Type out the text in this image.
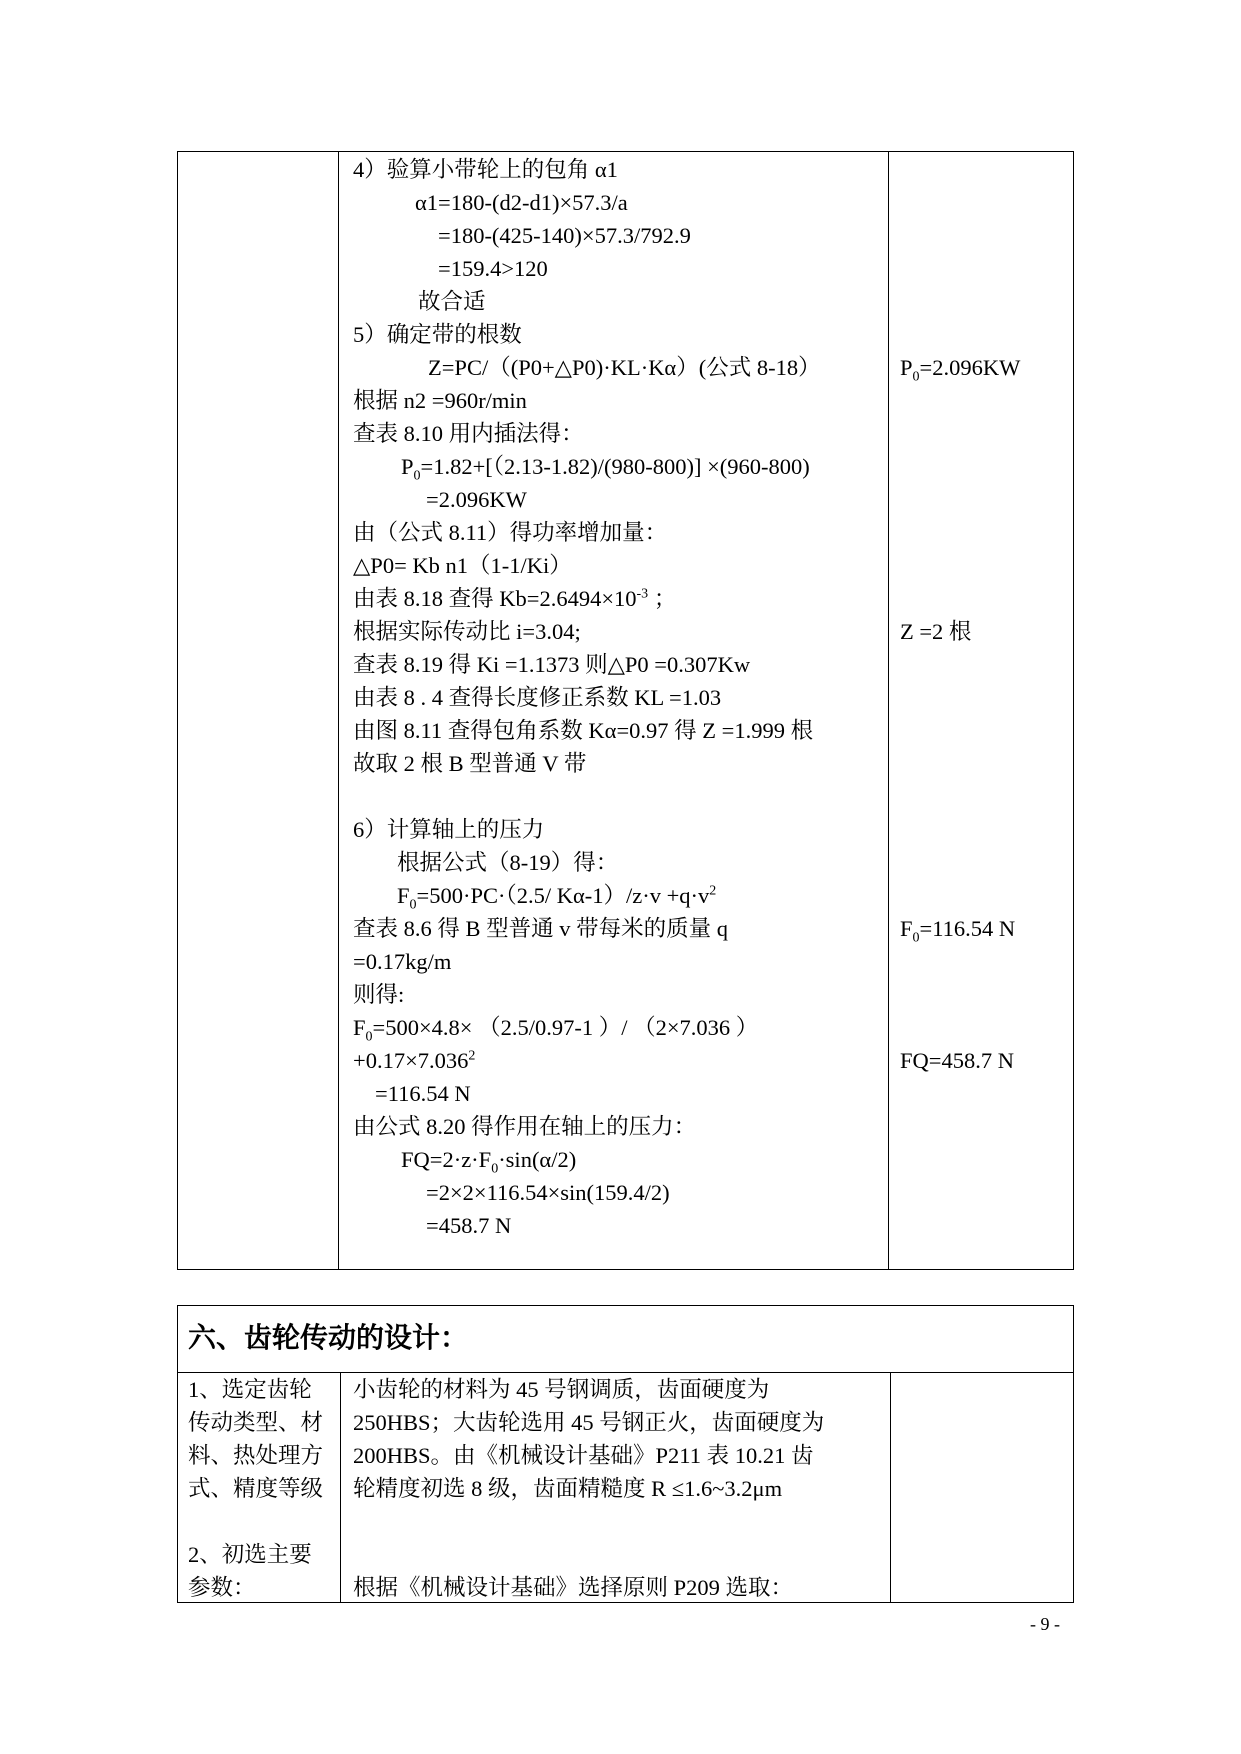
4）验算小带轮上的包角 α1
α1=180-(d2-d1)×57.3/a
=180-(425-140)×57.3/792.9
=159.4>120
故合适
5）确定带的根数
Z=PC/（(P0+△P0)·KL·Kα）(公式 8-18）
根据 n2 =960r/min
查表 8.10 用内插法得：
$P_0=1.82+[(2.13-1.82)/(980-800)] \times(960-800)$
=2.096KW
由（公式 8.11）得功率增加量：
△P0= Kb n1（1-1/Ki）
由表 8.18 查得 $Kb=2.6494\times 10^{-3}$ ；
根据实际传动比 i=3.04;
查表 8.19 得 Ki =1.1373 则△P0 =0.307Kw
由表 8 . 4 查得长度修正系数 KL =1.03
由图 8.11 查得包角系数 Kα=0.97 得 Z =1.999 根
故取 2 根 B 型普通 V 带
6）计算轴上的压力
根据公式（8-19）得：
$F_0=500\cdot PC\cdot(2.5/$ $K\alpha-1)/z\cdot v +q\cdot v^2$
查表 8.6 得 B 型普通 v 带每米的质量 q
=0.17kg/m
则得:
$F_0=500\times 4.8\times (2.5/0.97-1$ ）/ （2×7.036 ）
$+0.17\times 7.036^2$
=116.54 N
由公式 8.20 得作用在轴上的压力：
$FQ=2\cdot z\cdot F_0\cdot\sin(\alpha/2)$
=2×2×116.54×sin(159.4/2)
=458.7 N
$P_0=2.096KW$
Z =2 根
$F_0=116.54$ N
FQ=458.7 N
六、齿轮传动的设计：
1、选定齿轮
传动类型、材
料、热处理方
式、精度等级
2、初选主要
参数：
小齿轮的材料为 45 号钢调质，齿面硬度为
250HBS；大齿轮选用 45 号钢正火，齿面硬度为
200HBS。由《机械设计基础》P211 表 10.21 齿
轮精度初选 8 级，齿面精糙度 R ≤1.6~3.2μm
根据《机械设计基础》选择原则 P209 选取：
- 9 -
